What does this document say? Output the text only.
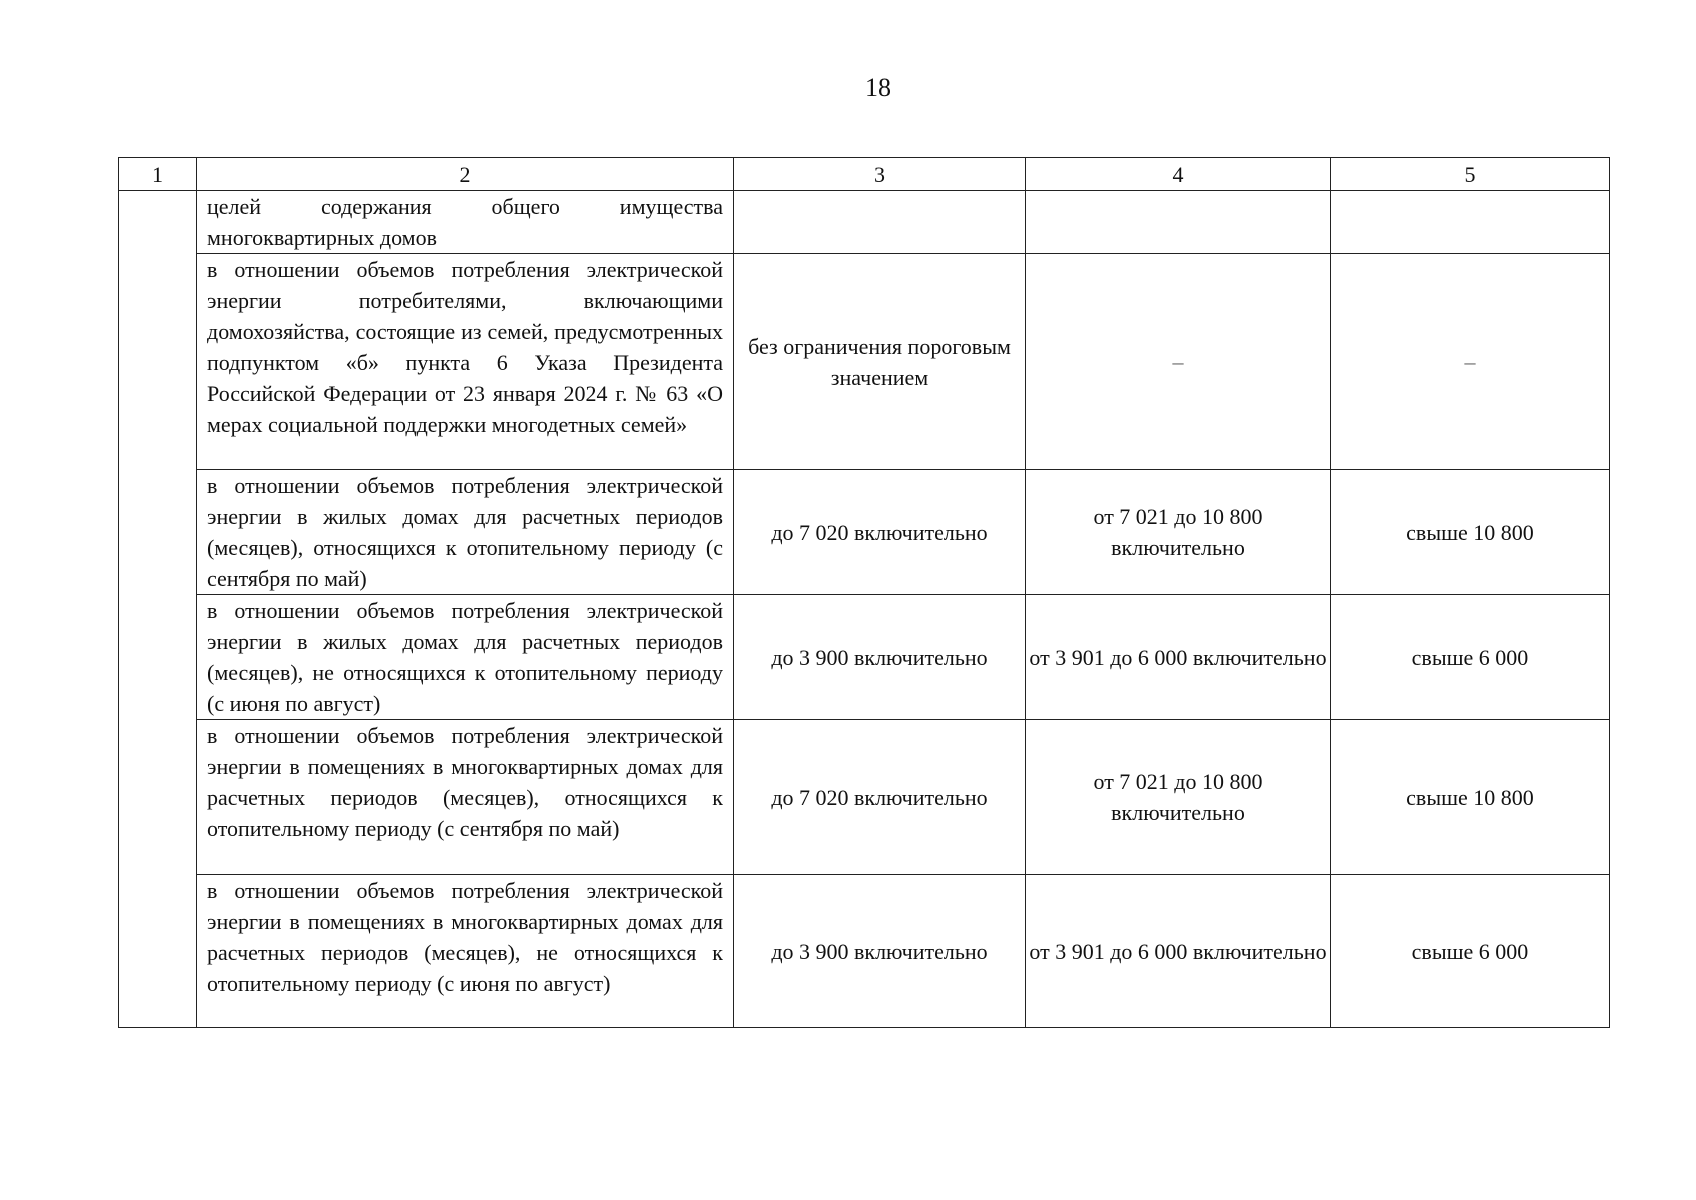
18
1	2	3	4	5
	целей содержания общего имущества многоквартирных домов			
	в отношении объемов потребления электрической энергии потребителями, включающими домохозяйства, состоящие из семей, предусмотренных подпунктом «б» пункта 6 Указа Президента Российской Федерации от 23 января 2024 г. № 63 «О мерах социальной поддержки многодетных семей»	без ограничения пороговым значением	–	–
	в отношении объемов потребления электрической энергии в жилых домах для расчетных периодов (месяцев), относящихся к отопительному периоду (с сентября по май)	до 7 020 включительно	от 7 021 до 10 800 включительно	свыше 10 800
	в отношении объемов потребления электрической энергии в жилых домах для расчетных периодов (месяцев), не относящихся к отопительному периоду (с июня по август)	до 3 900 включительно	от 3 901 до 6 000 включительно	свыше 6 000
	в отношении объемов потребления электрической энергии в помещениях в многоквартирных домах для расчетных периодов (месяцев), относящихся к отопительному периоду (с сентября по май)	до 7 020 включительно	от 7 021 до 10 800 включительно	свыше 10 800
	в отношении объемов потребления электрической энергии в помещениях в многоквартирных домах для расчетных периодов (месяцев), не относящихся к отопительному периоду (с июня по август)	до 3 900 включительно	от 3 901 до 6 000 включительно	свыше 6 000
